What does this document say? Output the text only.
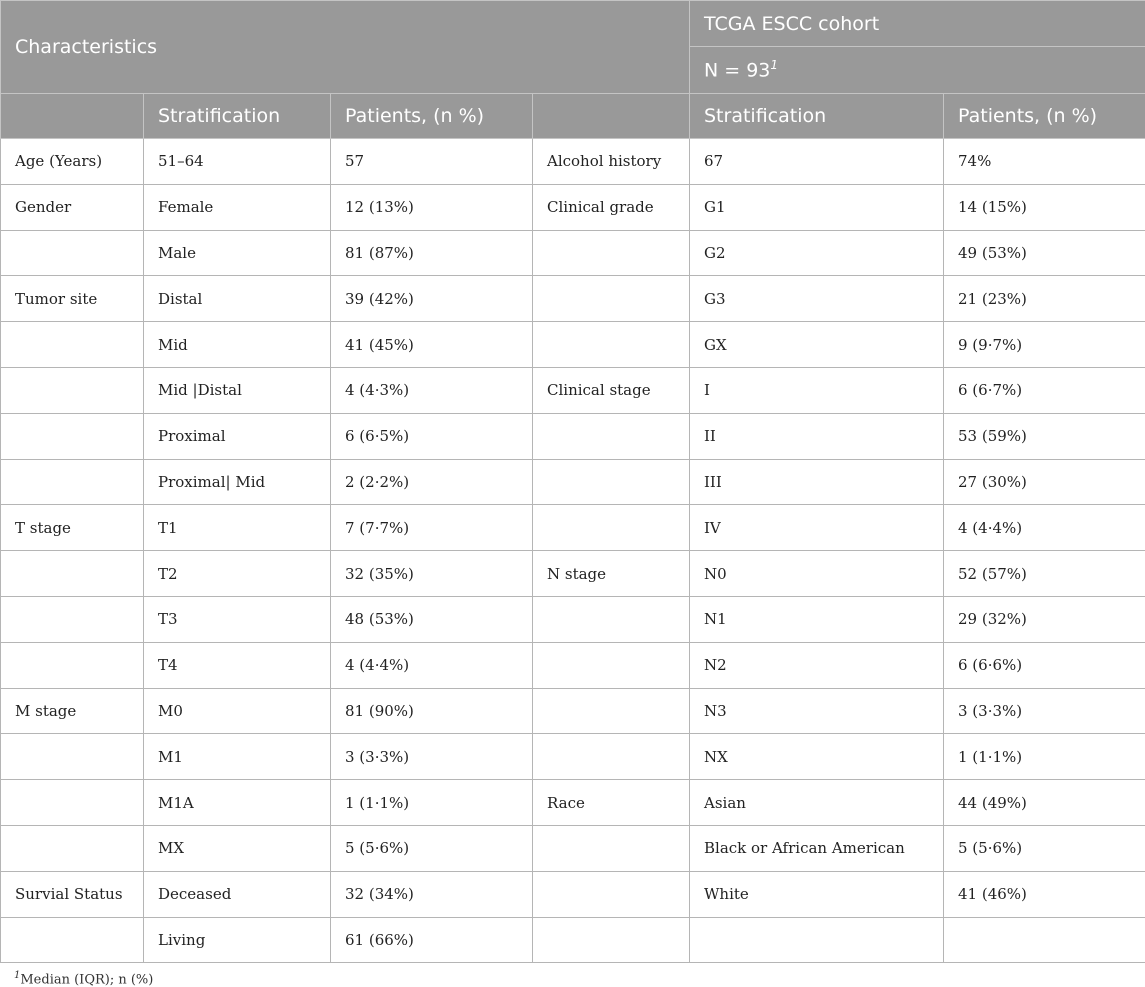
Characteristics				TCGA ESCC cohort	
				N = 93$^1$
	Stratification	Patients, (n %)		Stratification	Patients, (n %)
Age (Years)	51–64	57	Alcohol history	67	74%
Gender	Female	12 (13%)	Clinical grade	G1	14 (15%)
	Male	81 (87%)		G2	49 (53%)
Tumor site	Distal	39 (42%)		G3	21 (23%)
	Mid	41 (45%)		GX	9 (9·7%)
	Mid |Distal	4 (4·3%)	Clinical stage	I	6 (6·7%)
	Proximal	6 (6·5%)		II	53 (59%)
	Proximal| Mid	2 (2·2%)		III	27 (30%)
T stage	T1	7 (7·7%)		IV	4 (4·4%)
	T2	32 (35%)	N stage	N0	52 (57%)
	T3	48 (53%)		N1	29 (32%)
	T4	4 (4·4%)		N2	6 (6·6%)
M stage	M0	81 (90%)		N3	3 (3·3%)
	M1	3 (3·3%)		NX	1 (1·1%)
	M1A	1 (1·1%)	Race	Asian	44 (49%)
	MX	5 (5·6%)		Black or African American	5 (5·6%)
Survial Status	Deceased	32 (34%)		White	41 (46%)
	Living	61 (66%)			
$^1$Median (IQR); n (%)
